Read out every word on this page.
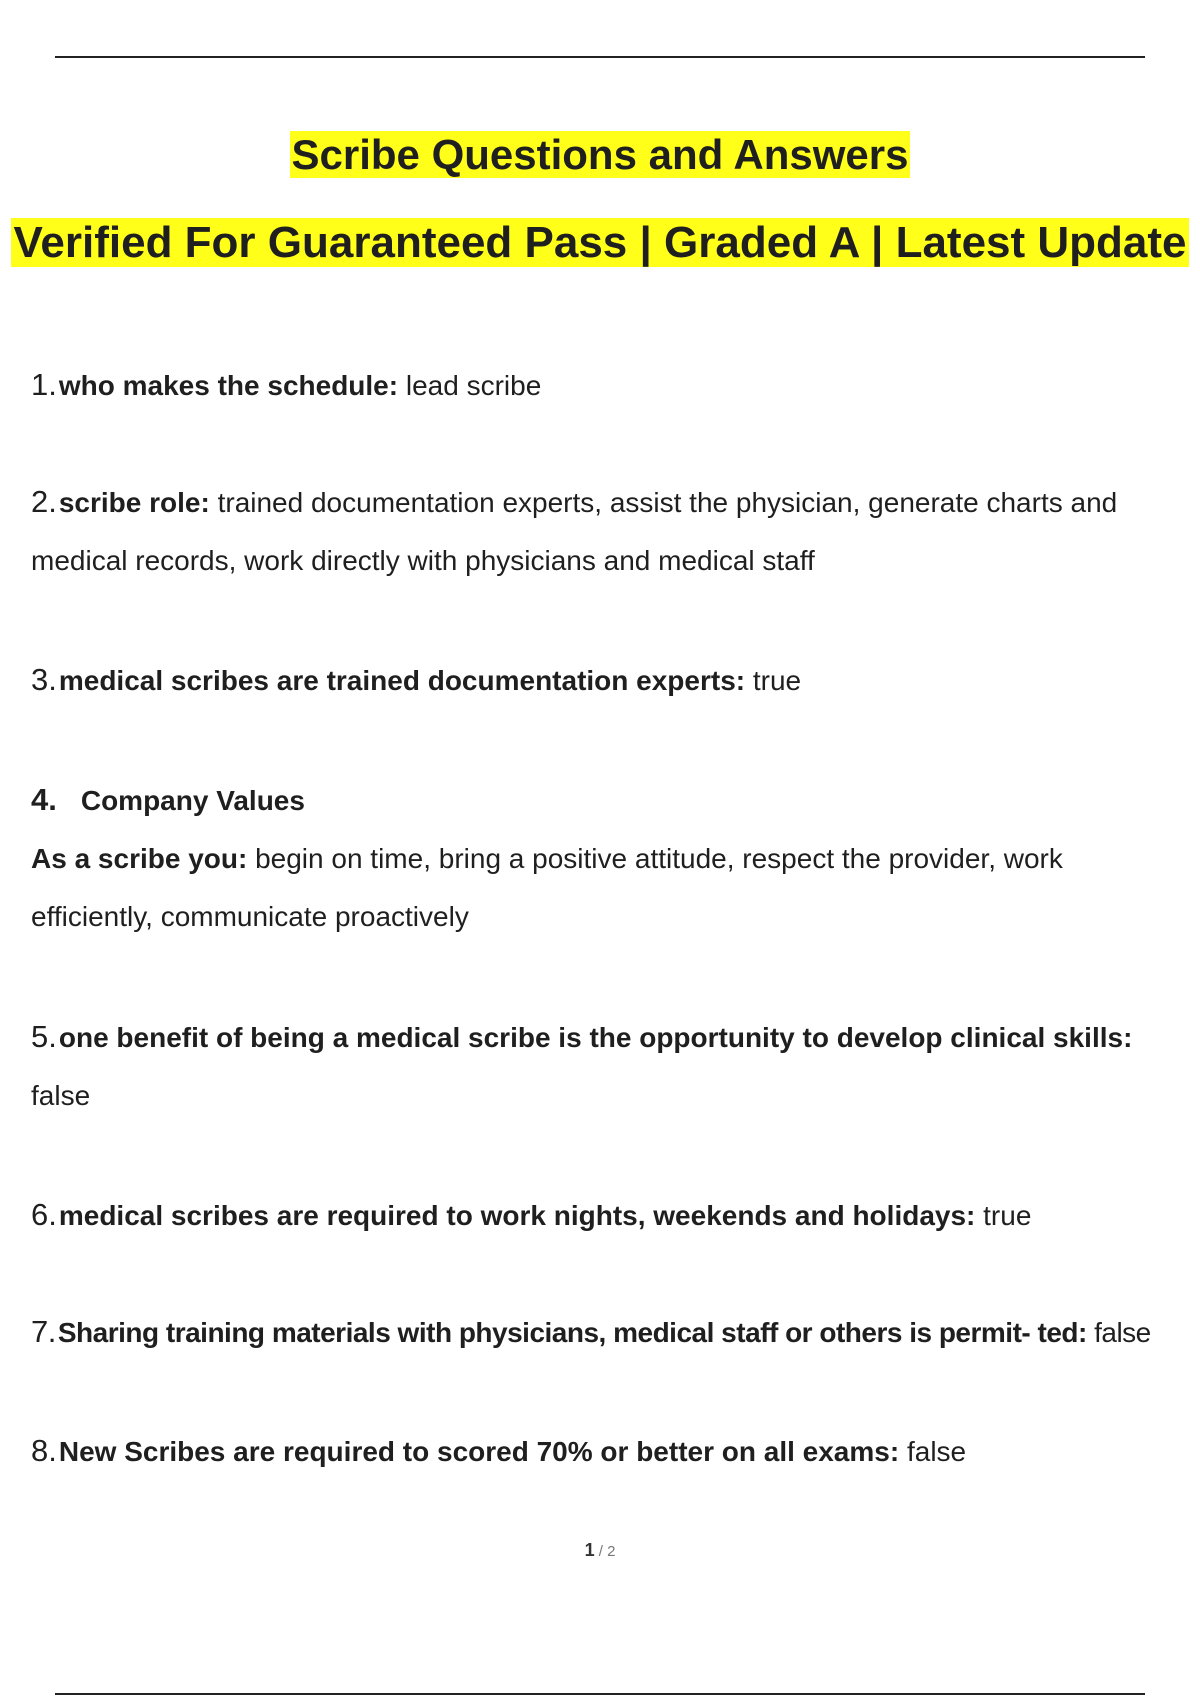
Scribe Questions and Answers
Verified For Guaranteed Pass | Graded A | Latest Update
1.who makes the schedule: lead scribe
2.scribe role: trained documentation experts, assist the physician, generate charts and medical records, work directly with physicians and medical staff
3.medical scribes are trained documentation experts: true
4. Company Values
As a scribe you: begin on time, bring a positive attitude, respect the provider, work efficiently, communicate proactively
5.one benefit of being a medical scribe is the opportunity to develop clinical skills: false
6.medical scribes are required to work nights, weekends and holidays: true
7.Sharing training materials with physicians, medical staff or others is permit- ted: false
8.New Scribes are required to scored 70% or better on all exams: false
1 / 2
